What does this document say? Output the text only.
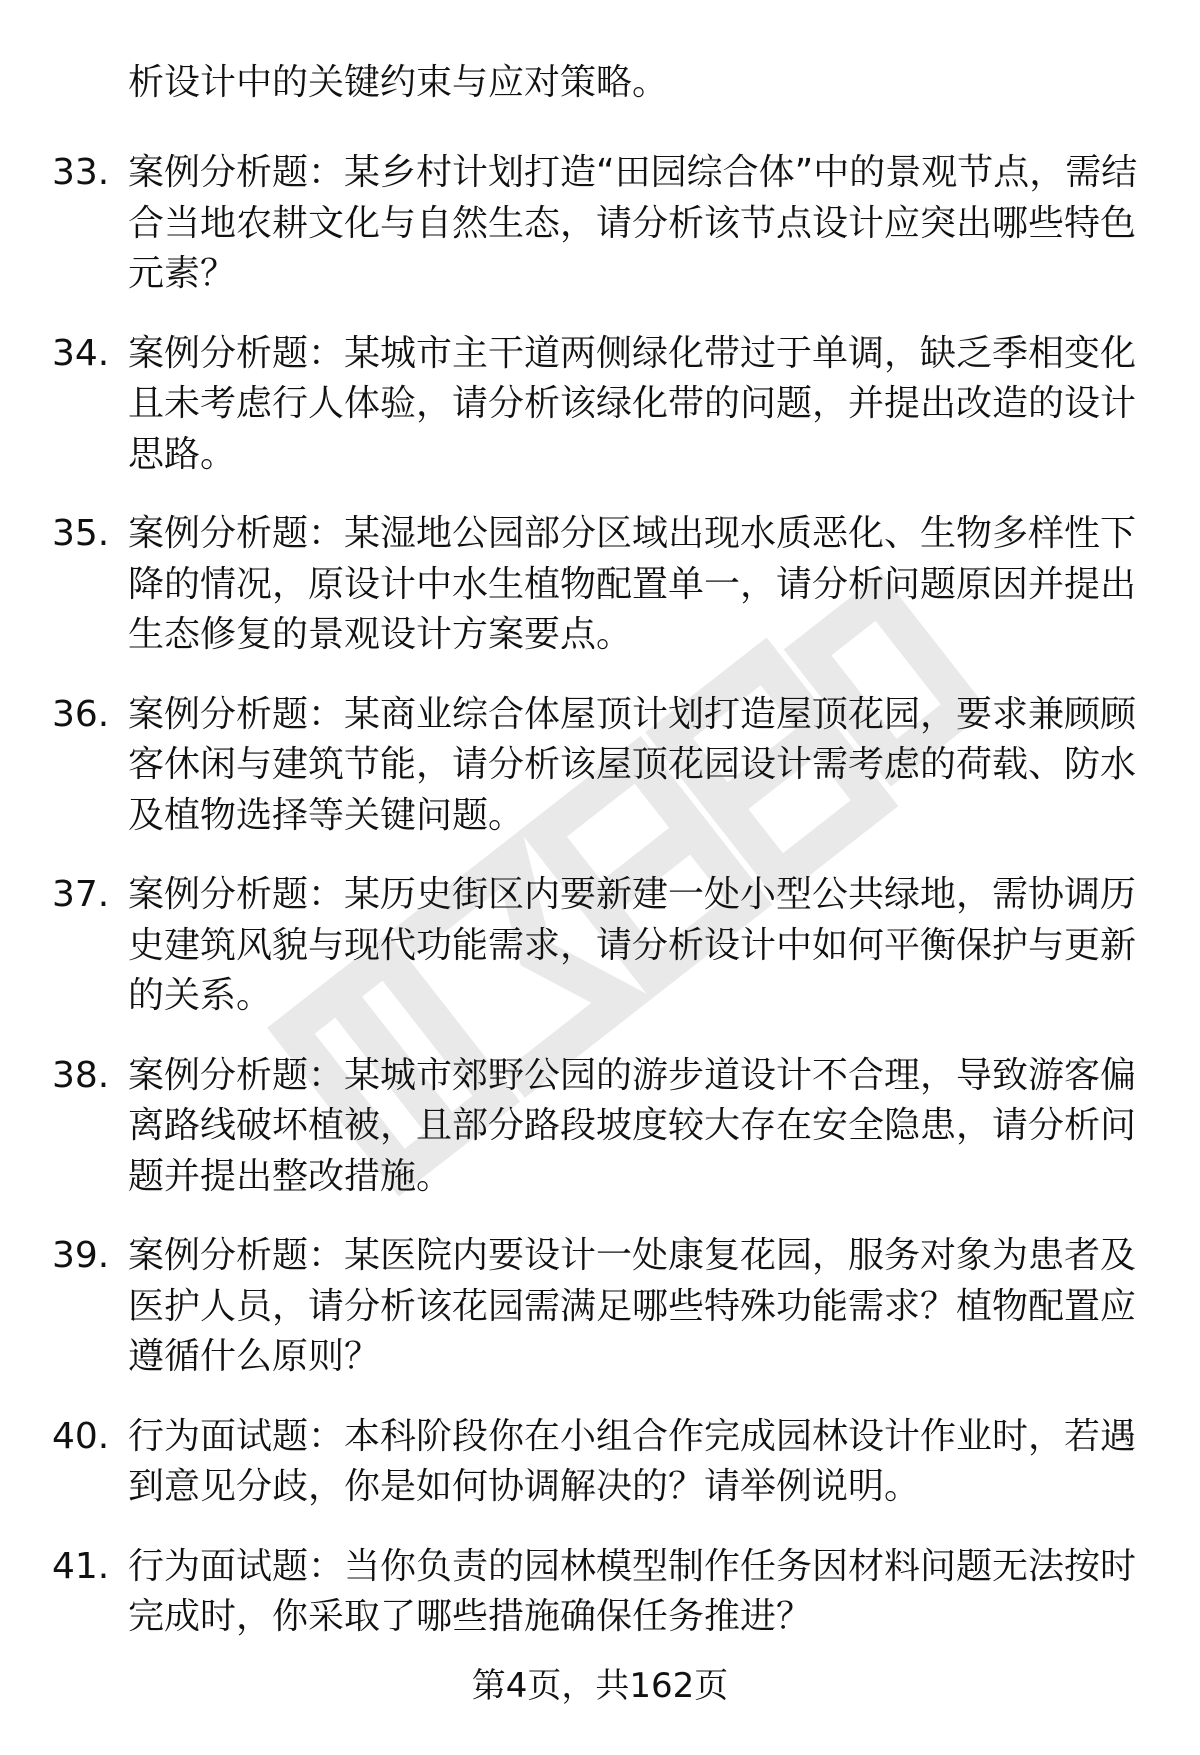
析设计中的关键约束与应对策略。
33. 案例分析题：某乡村计划打造“田园综合体”中的景观节点，需结合当地农耕文化与自然生态，请分析该节点设计应突出哪些特色元素？
34. 案例分析题：某城市主干道两侧绿化带过于单调，缺乏季相变化且未考虑行人体验，请分析该绿化带的问题，并提出改造的设计思路。
35. 案例分析题：某湿地公园部分区域出现水质恶化、生物多样性下降的情况，原设计中水生植物配置单一，请分析问题原因并提出生态修复的景观设计方案要点。
36. 案例分析题：某商业综合体屋顶计划打造屋顶花园，要求兼顾顾客休闲与建筑节能，请分析该屋顶花园设计需考虑的荷载、防水及植物选择等关键问题。
37. 案例分析题：某历史街区内要新建一处小型公共绿地，需协调历史建筑风貌与现代功能需求，请分析设计中如何平衡保护与更新的关系。
38. 案例分析题：某城市郊野公园的游步道设计不合理，导致游客偏离路线破坏植被，且部分路段坡度较大存在安全隐患，请分析问题并提出整改措施。
39. 案例分析题：某医院内要设计一处康复花园，服务对象为患者及医护人员，请分析该花园需满足哪些特殊功能需求？植物配置应遵循什么原则？
40. 行为面试题：本科阶段你在小组合作完成园林设计作业时，若遇到意见分歧，你是如何协调解决的？请举例说明。
41. 行为面试题：当你负责的园林模型制作任务因材料问题无法按时完成时，你采取了哪些措施确保任务推进？
第4页，共162页
